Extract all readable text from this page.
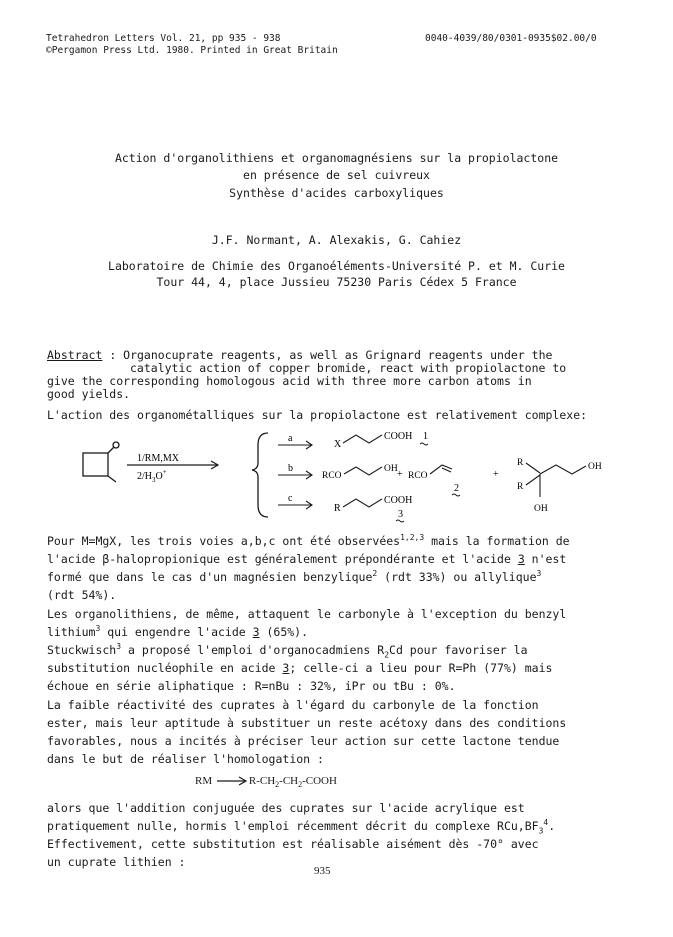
Tetrahedron Letters Vol. 21, pp 935 - 938
©Pergamon Press Ltd. 1980. Printed in Great Britain
0040-4039/80/0301-0935$02.00/0
Action d'organolithiens et organomagnésiens sur la propiolactone
en présence de sel cuivreux
Synthèse d'acides carboxyliques
J.F. Normant, A. Alexakis, G. Cahiez
Laboratoire de Chimie des Organoéléments-Université P. et M. Curie
Tour 44, 4, place Jussieu 75230 Paris Cédex 5 France
Abstract : Organocuprate reagents, as well as Grignard reagents under the
catalytic action of copper bromide, react with propiolactone to
give the corresponding homologous acid with three more carbon atoms in
good yields.
L'action des organométalliques sur la propiolactone est relativement complexe:
1/RM,MX
$2/H_3O^+$
a
X
COOH 1
b
RCO
OH + RCO
2
+
R
R
OH
OH
c
R
COOH
3
Pour M=MgX, les trois voies a,b,c ont été observées$^{1,2,3}$ mais la formation de
l'acide β-halopropionique est généralement prépondérante et l'acide 3 n'est
formé que dans le cas d'un magnésien benzylique$^2$ (rdt 33%) ou allylique$^3$
(rdt 54%).
Les organolithiens, de même, attaquent le carbonyle à l'exception du benzyl
lithium$^3$ qui engendre l'acide 3 (65%).
Stuckwisch$^3$ a proposé l'emploi d'organocadmiens $R_2Cd$ pour favoriser la
substitution nucléophile en acide 3; celle-ci a lieu pour R=Ph (77%) mais
échoue en série aliphatique : R=nBu : 32%, iPr ou tBu : 0%.
La faible réactivité des cuprates à l'égard du carbonyle de la fonction
ester, mais leur aptitude à substituer un reste acétoxy dans des conditions
favorables, nous a incités à préciser leur action sur cette lactone tendue
dans le but de réaliser l'homologation :
RM	$R-CH_2-CH_2$-COOH
alors que l'addition conjuguée des cuprates sur l'acide acrylique est
pratiquement nulle, hormis l'emploi récemment décrit du complexe $RCu,BF_3^4$.
Effectivement, cette substitution est réalisable aisément dès -70° avec
un cuprate lithien :
935
